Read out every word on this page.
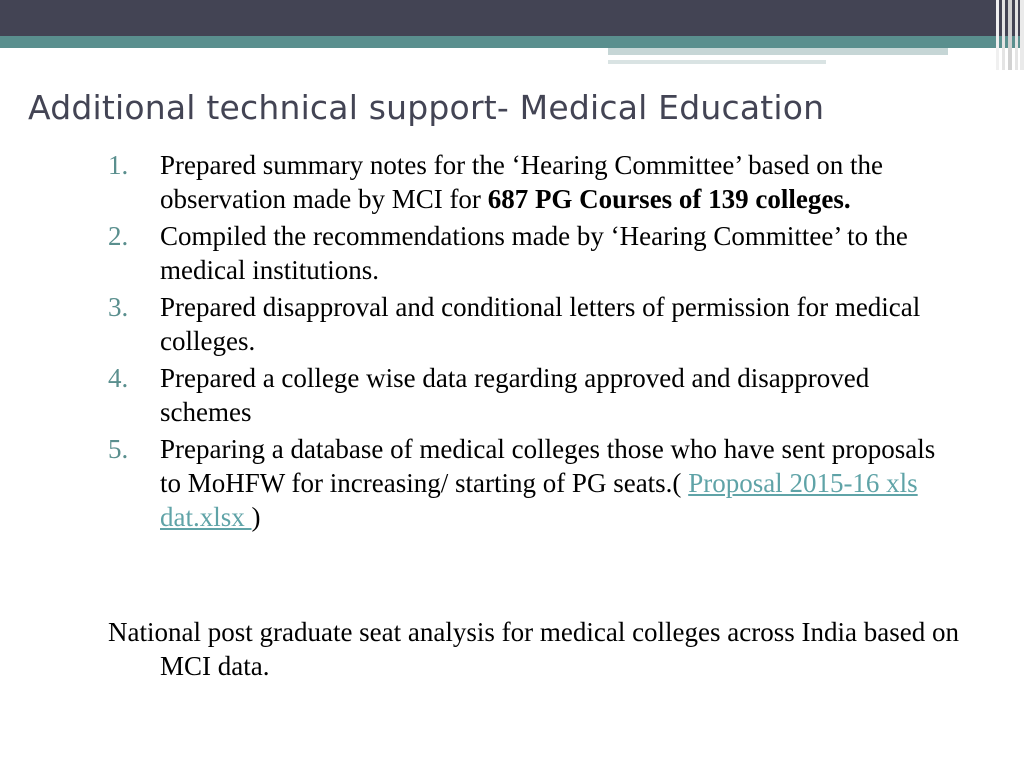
Additional technical support- Medical Education
1. Prepared summary notes for the ‘Hearing Committee’ based on the observation made by MCI for 687 PG Courses of 139 colleges.
2. Compiled the recommendations made by ‘Hearing Committee’ to the medical institutions.
3. Prepared disapproval and conditional letters of permission for medical colleges.
4. Prepared a college wise data regarding approved and disapproved schemes
5. Preparing a database of medical colleges those who have sent proposals to MoHFW for increasing/ starting of PG seats.( Proposal 2015-16 xls dat.xlsx )

National post graduate seat analysis for medical colleges across India based on MCI data.
